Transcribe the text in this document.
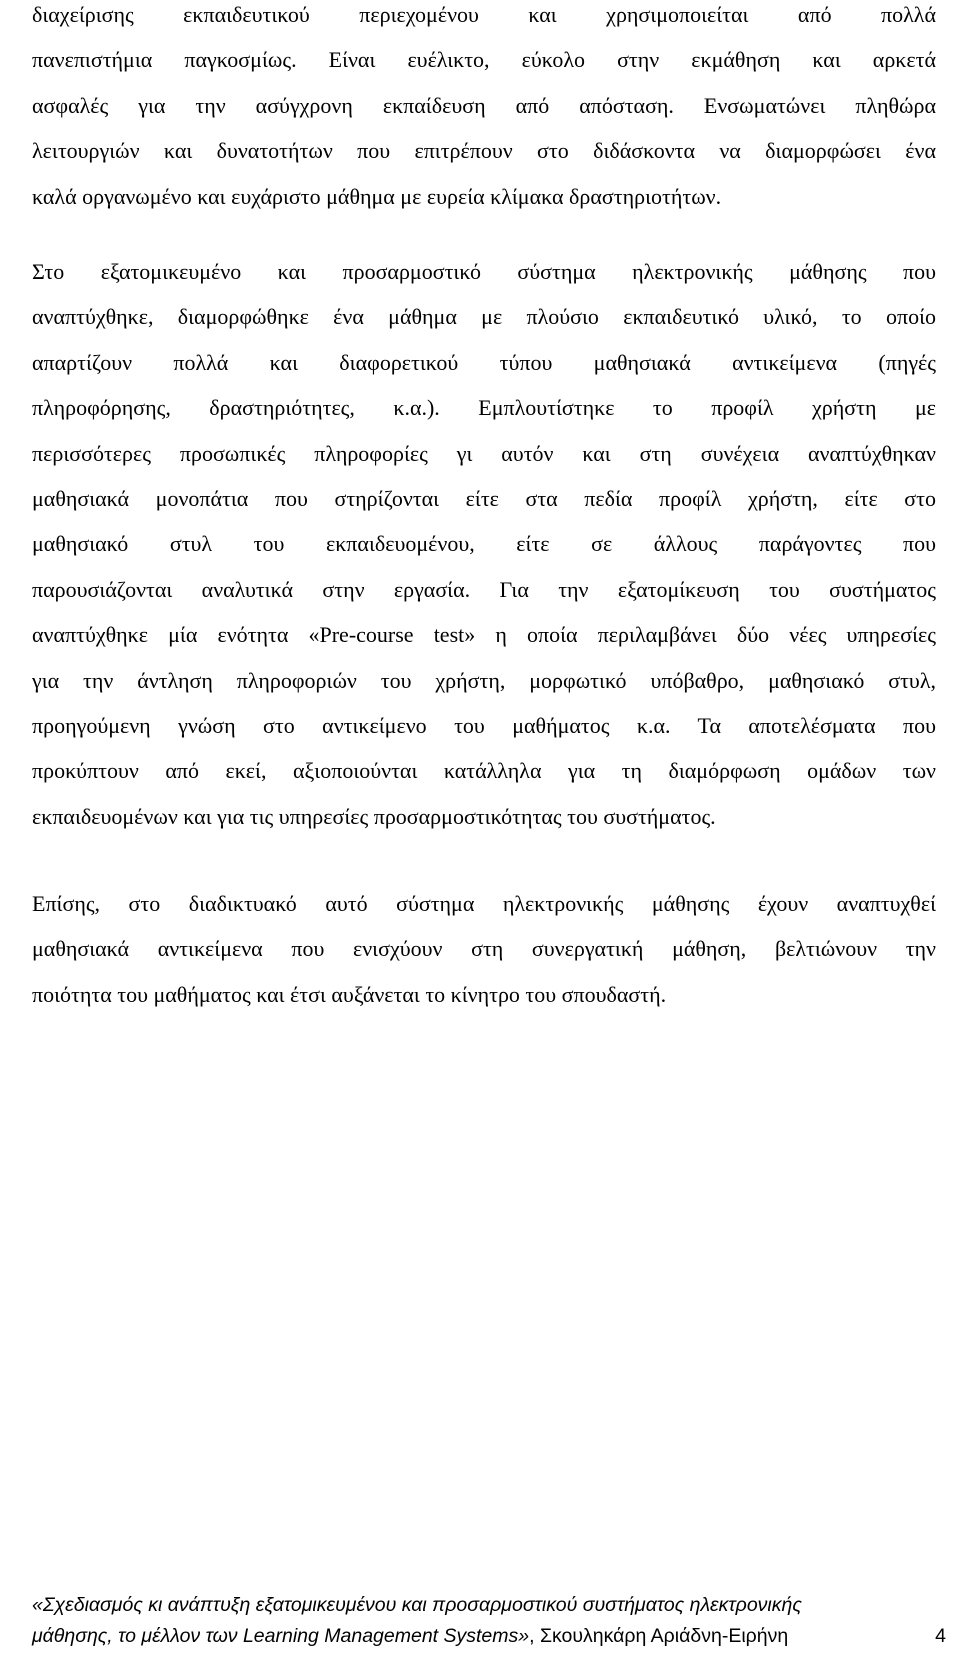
διαχείρισης εκπαιδευτικού περιεχομένου και χρησιμοποιείται από πολλά
πανεπιστήμια παγκοσμίως. Είναι ευέλικτο, εύκολο στην εκμάθηση και αρκετά
ασφαλές για την ασύγχρονη εκπαίδευση από απόσταση. Ενσωματώνει πληθώρα
λειτουργιών και δυνατοτήτων που επιτρέπουν στο διδάσκοντα να διαμορφώσει ένα
καλά οργανωμένο και ευχάριστο μάθημα με ευρεία κλίμακα δραστηριοτήτων.

Στο εξατομικευμένο και προσαρμοστικό σύστημα ηλεκτρονικής μάθησης που
αναπτύχθηκε, διαμορφώθηκε ένα μάθημα με πλούσιο εκπαιδευτικό υλικό, το οποίο
απαρτίζουν πολλά και διαφορετικού τύπου μαθησιακά αντικείμενα (πηγές
πληροφόρησης, δραστηριότητες, κ.α.). Εμπλουτίστηκε το προφίλ χρήστη με
περισσότερες προσωπικές πληροφορίες γι αυτόν και στη συνέχεια αναπτύχθηκαν
μαθησιακά μονοπάτια που στηρίζονται είτε στα πεδία προφίλ χρήστη, είτε στο
μαθησιακό στυλ του εκπαιδευομένου, είτε σε άλλους παράγοντες που
παρουσιάζονται αναλυτικά στην εργασία. Για την εξατομίκευση του συστήματος
αναπτύχθηκε μία ενότητα «Pre-course test» η οποία περιλαμβάνει δύο νέες υπηρεσίες
για την άντληση πληροφοριών του χρήστη, μορφωτικό υπόβαθρο, μαθησιακό στυλ,
προηγούμενη γνώση στο αντικείμενο του μαθήματος κ.α. Τα αποτελέσματα που
προκύπτουν από εκεί, αξιοποιούνται κατάλληλα για τη διαμόρφωση ομάδων των
εκπαιδευομένων και για τις υπηρεσίες προσαρμοστικότητας του συστήματος.

Επίσης, στο διαδικτυακό αυτό σύστημα ηλεκτρονικής μάθησης έχουν αναπτυχθεί
μαθησιακά αντικείμενα που ενισχύουν στη συνεργατική μάθηση, βελτιώνουν την
ποιότητα του μαθήματος και έτσι αυξάνεται το κίνητρο του σπουδαστή.

«Σχεδιασμός κι ανάπτυξη εξατομικευμένου και προσαρμοστικού συστήματος ηλεκτρονικής
μάθησης, το μέλλον των Learning Management Systems», Σκουληκάρη Αριάδνη-Ειρήνη	4
